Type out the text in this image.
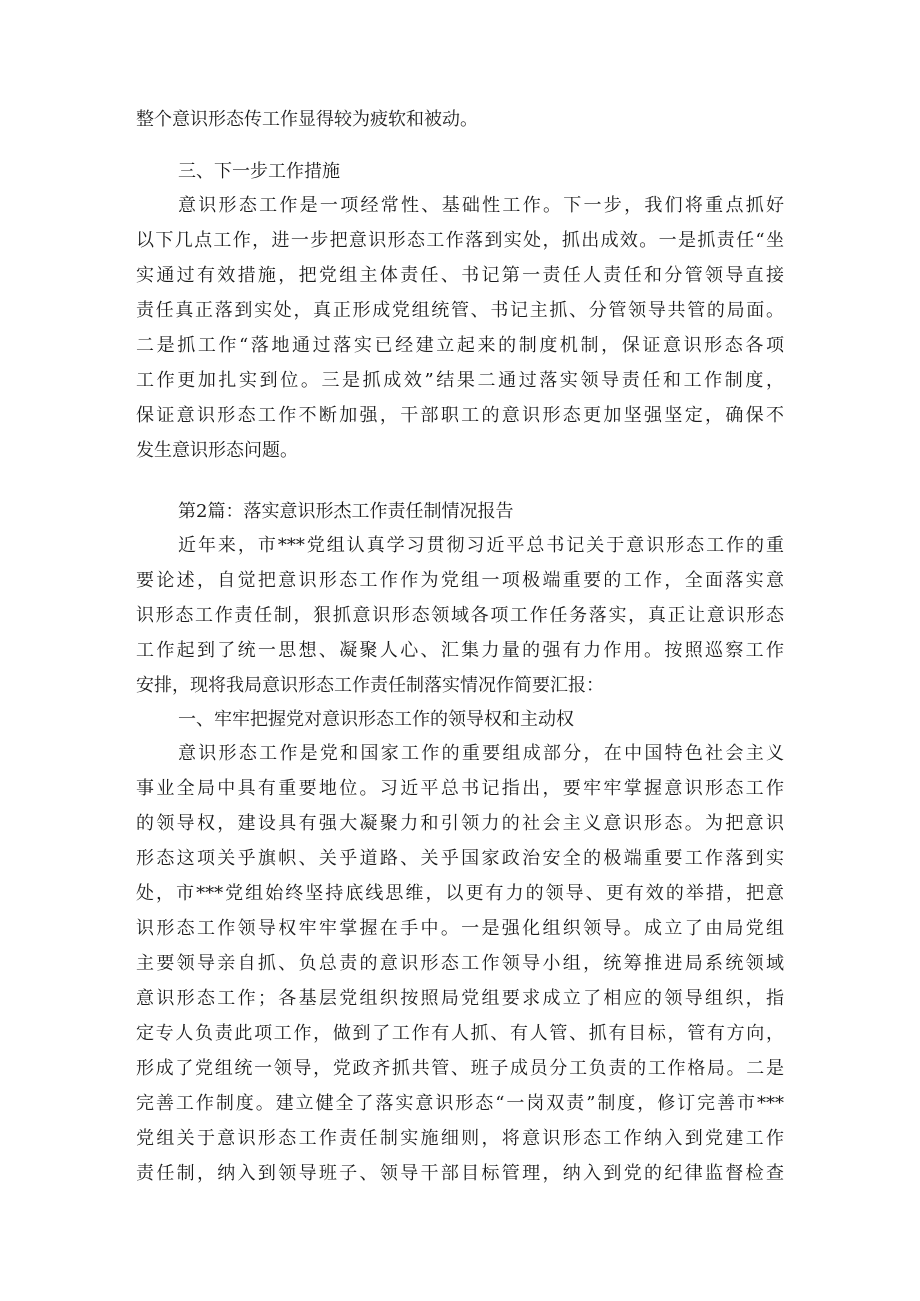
整个意识形态传工作显得较为疲软和被动。
三、下一步工作措施
意识形态工作是一项经常性、基础性工作。下一步，我们将重点抓好
以下几点工作，进一步把意识形态工作落到实处，抓出成效。一是抓责任“坐
实通过有效措施，把党组主体责任、书记第一责任人责任和分管领导直接
责任真正落到实处，真正形成党组统管、书记主抓、分管领导共管的局面。
二是抓工作“落地通过落实已经建立起来的制度机制，保证意识形态各项
工作更加扎实到位。三是抓成效”结果二通过落实领导责任和工作制度，
保证意识形态工作不断加强，干部职工的意识形态更加坚强坚定，确保不
发生意识形态问题。
第2篇：落实意识形杰工作责任制情况报告
近年来，市***党组认真学习贯彻习近平总书记关于意识形态工作的重
要论述，自觉把意识形态工作作为党组一项极端重要的工作，全面落实意
识形态工作责任制，狠抓意识形态领域各项工作任务落实，真正让意识形态
工作起到了统一思想、凝聚人心、汇集力量的强有力作用。按照巡察工作
安排，现将我局意识形态工作责任制落实情况作简要汇报：
一、牢牢把握党对意识形态工作的领导权和主动权
意识形态工作是党和国家工作的重要组成部分，在中国特色社会主义
事业全局中具有重要地位。习近平总书记指出，要牢牢掌握意识形态工作
的领导权，建设具有强大凝聚力和引领力的社会主义意识形态。为把意识
形态这项关乎旗帜、关乎道路、关乎国家政治安全的极端重要工作落到实
处，市***党组始终坚持底线思维，以更有力的领导、更有效的举措，把意
识形态工作领导权牢牢掌握在手中。一是强化组织领导。成立了由局党组
主要领导亲自抓、负总责的意识形态工作领导小组，统筹推进局系统领域
意识形态工作；各基层党组织按照局党组要求成立了相应的领导组织，指
定专人负责此项工作，做到了工作有人抓、有人管、抓有目标，管有方向，
形成了党组统一领导，党政齐抓共管、班子成员分工负责的工作格局。二是
完善工作制度。建立健全了落实意识形态“一岗双责”制度，修订完善市***
党组关于意识形态工作责任制实施细则，将意识形态工作纳入到党建工作
责任制，纳入到领导班子、领导干部目标管理，纳入到党的纪律监督检查
